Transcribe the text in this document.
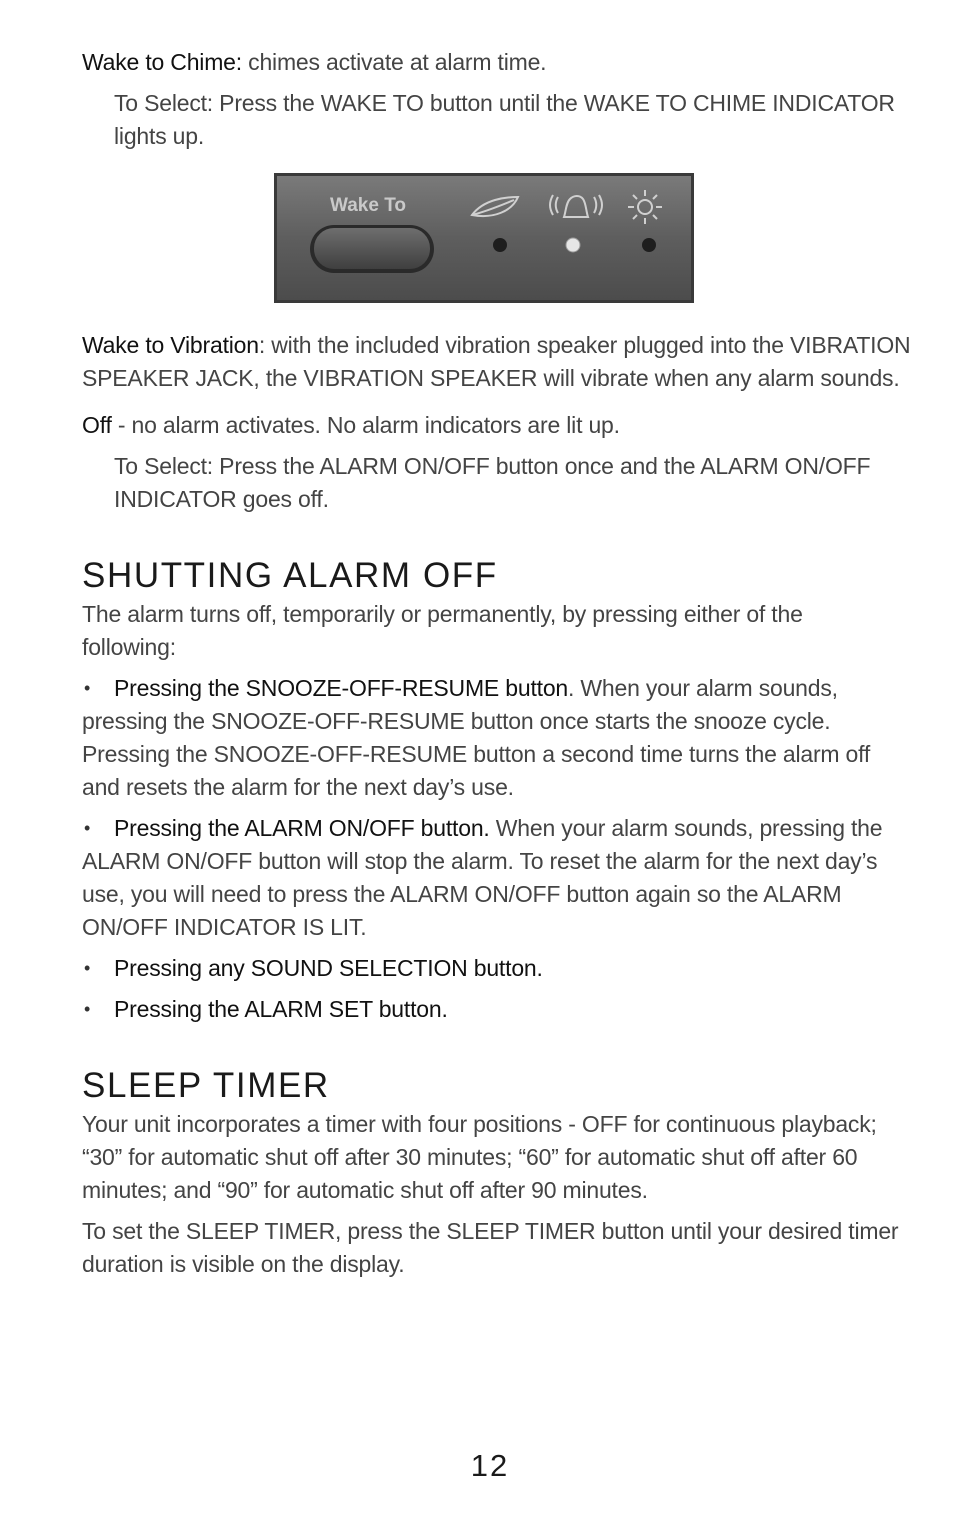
Wake to Chime: chimes activate at alarm time.

To Select: Press the WAKE TO button until the WAKE TO CHIME INDICATOR lights up.

Wake To

Wake to Vibration: with the included vibration speaker plugged into the VIBRATION SPEAKER JACK, the VIBRATION SPEAKER will vibrate when any alarm sounds.

Off - no alarm activates. No alarm indicators are lit up.

To Select: Press the ALARM ON/OFF button once and the ALARM ON/OFF INDICATOR goes off.

SHUTTING ALARM OFF

The alarm turns off, temporarily or permanently, by pressing either of the following:

• Pressing the SNOOZE-OFF-RESUME button. When your alarm sounds, pressing the SNOOZE-OFF-RESUME button once starts the snooze cycle. Pressing the SNOOZE-OFF-RESUME button a second time turns the alarm off and resets the alarm for the next day’s use.

• Pressing the ALARM ON/OFF button. When your alarm sounds, pressing the ALARM ON/OFF button will stop the alarm. To reset the alarm for the next day’s use, you will need to press the ALARM ON/OFF button again so the ALARM ON/OFF INDICATOR IS LIT.

• Pressing any SOUND SELECTION button.

• Pressing the ALARM SET button.

SLEEP TIMER

Your unit incorporates a timer with four positions - OFF for continuous playback; “30” for automatic shut off after 30 minutes; “60” for automatic shut off after 60 minutes; and “90” for automatic shut off after 90 minutes.

To set the SLEEP TIMER, press the SLEEP TIMER button until your desired timer duration is visible on the display.

12
